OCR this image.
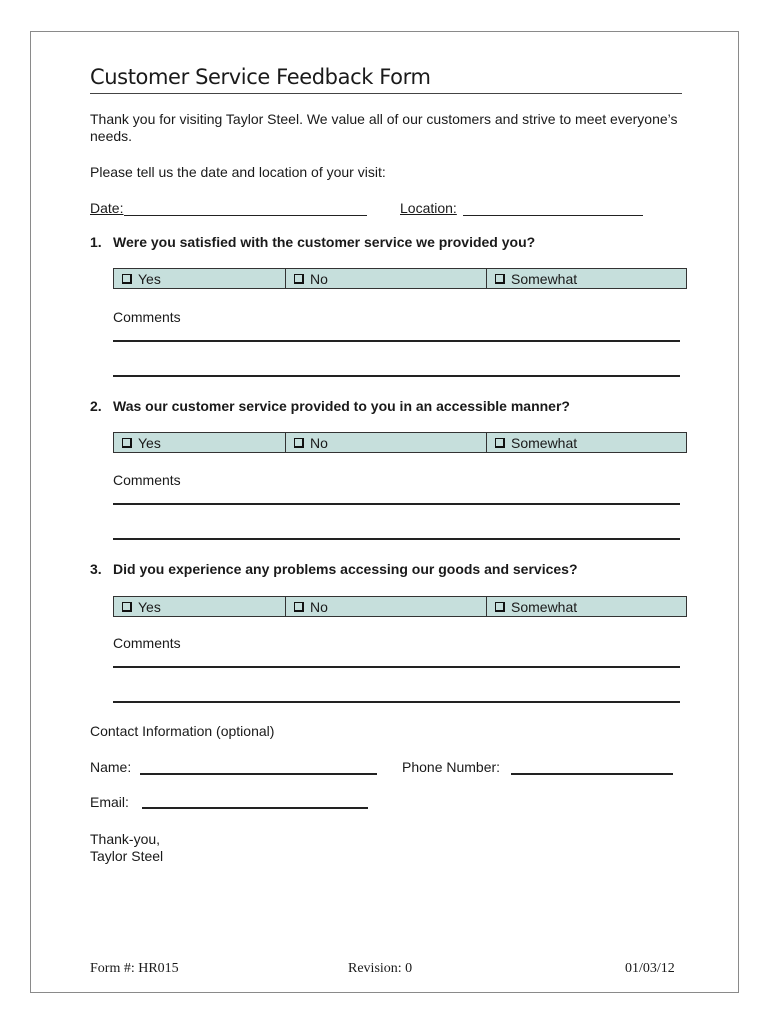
Customer Service Feedback Form
Thank you for visiting Taylor Steel. We value all of our customers and strive to meet everyone’s needs.
Please tell us the date and location of your visit:
Date:	Location:
1. Were you satisfied with the customer service we provided you?
Yes	No	Somewhat
Comments
2. Was our customer service provided to you in an accessible manner?
Yes	No	Somewhat
Comments
3. Did you experience any problems accessing our goods and services?
Yes	No	Somewhat
Comments
Contact Information (optional)
Name:	Phone Number:
Email:
Thank-you,
Taylor Steel
Form #: HR015	Revision: 0	01/03/12
